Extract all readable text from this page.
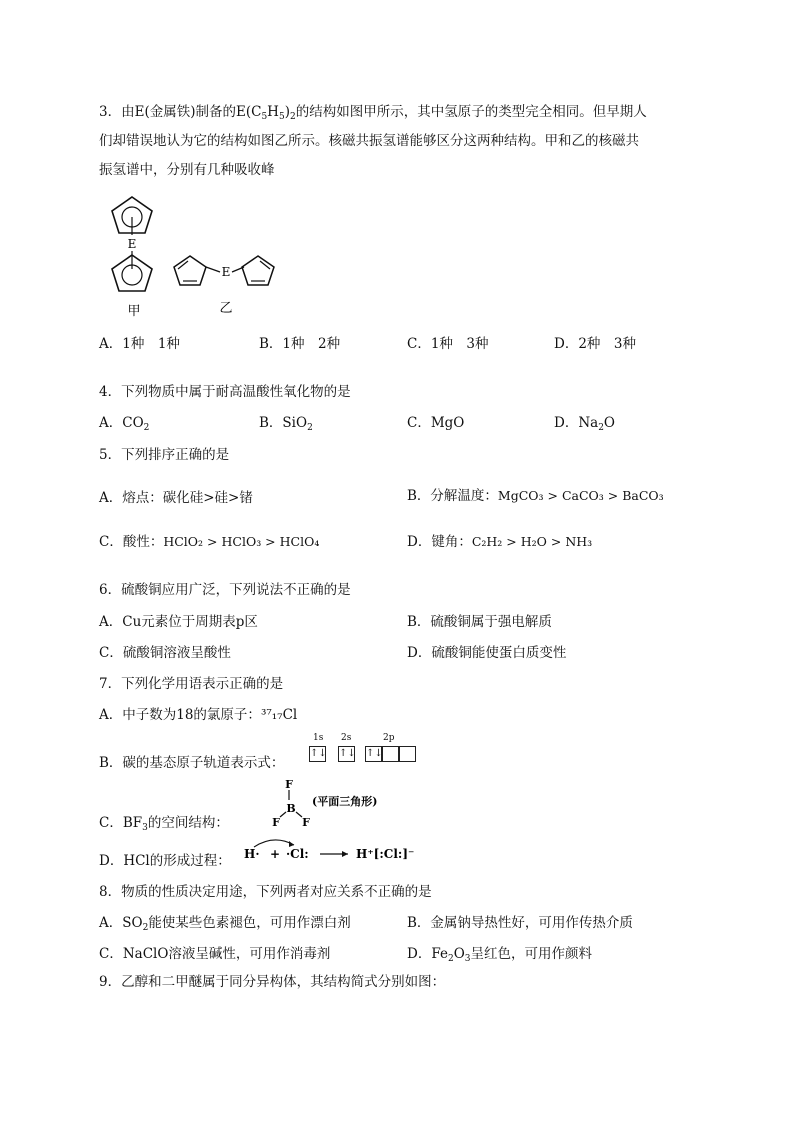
3．由E(金属铁)制备的$E(C_5H_5)_2$的结构如图甲所示，其中氢原子的类型完全相同。但早期人
们却错误地认为它的结构如图乙所示。核磁共振氢谱能够区分这两种结构。甲和乙的核磁共
振氢谱中，分别有几种吸收峰
E
甲
E
乙
A．1种　1种	B．1种　2种	C．1种　3种	D．2种　3种
4．下列物质中属于耐高温酸性氧化物的是
A．$CO_2$	B．SiO$_2$	C．MgO	D．$Na_2O$
5．下列排序正确的是
A．熔点：碳化硅>硅>锗	B．分解温度：MgCO₃ > CaCO₃ > BaCO₃
C．酸性：HClO₂ > HClO₃ > HClO₄	D．键角：C₂H₂ > H₂O > NH₃
6．硫酸铜应用广泛，下列说法不正确的是
A．Cu元素位于周期表p区	B．硫酸铜属于强电解质
C．硫酸铜溶液呈酸性	D．硫酸铜能使蛋白质变性
7．下列化学用语表示正确的是
A．中子数为18的氯原子：³⁷₁₇Cl
B．碳的基态原子轨道表示式：
1s 2s	2p
↑↓ ↑↓ ↑↓
C．$BF_3$的空间结构：
F
B
F F
(平面三角形)
D．HCl的形成过程： H· + ·Cl:	H⁺[:Cl:]⁻
8．物质的性质决定用途，下列两者对应关系不正确的是
A．$SO_2$能使某些色素褪色，可用作漂白剂	B．金属钠导热性好，可用作传热介质
C．NaClO溶液呈碱性，可用作消毒剂	D．$Fe_2O_3$呈红色，可用作颜料
9．乙醇和二甲醚属于同分异构体，其结构简式分别如图：
